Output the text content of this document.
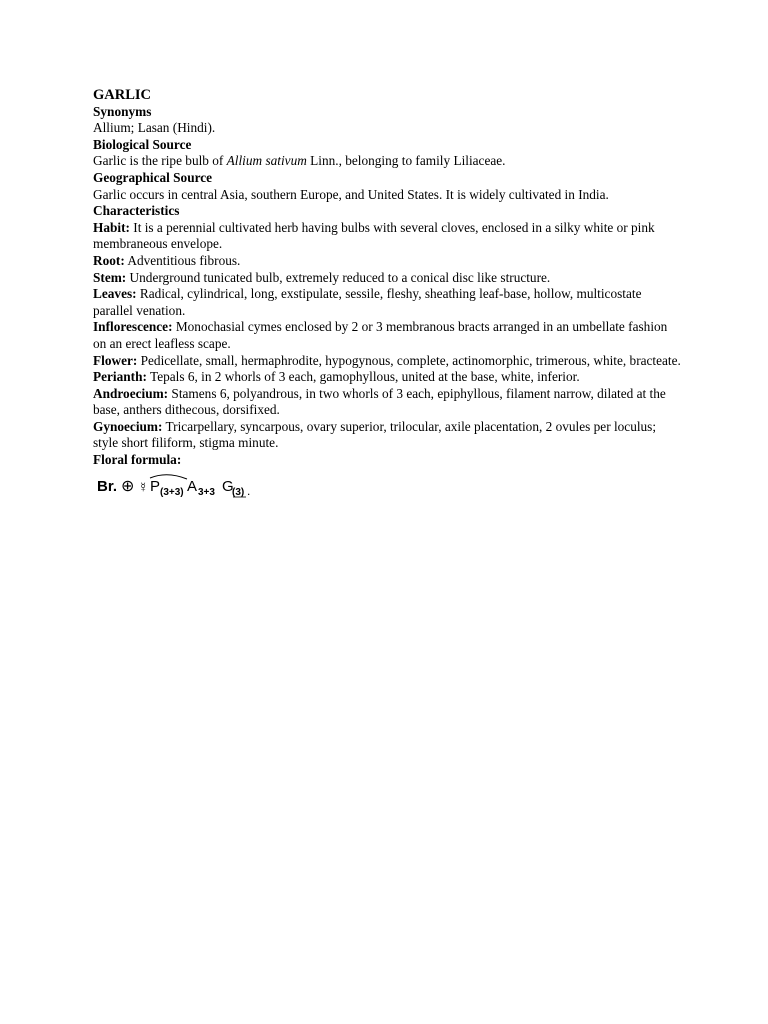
GARLIC

Synonyms

Allium; Lasan (Hindi).

Biological Source

Garlic is the ripe bulb of Allium sativum Linn., belonging to family Liliaceae.

Geographical Source

Garlic occurs in central Asia, southern Europe, and United States. It is widely cultivated in India.

Characteristics

Habit: It is a perennial cultivated herb having bulbs with several cloves, enclosed in a silky white or pink membraneous envelope.

Root: Adventitious fibrous.

Stem: Underground tunicated bulb, extremely reduced to a conical disc like structure.

Leaves: Radical, cylindrical, long, exstipulate, sessile, fleshy, sheathing leaf-base, hollow, multicostate parallel venation.

Inflorescence: Monochasial cymes enclosed by 2 or 3 membranous bracts arranged in an umbellate fashion on an erect leafless scape.

Flower: Pedicellate, small, hermaphrodite, hypogynous, complete, actinomorphic, trimerous, white, bracteate.

Perianth: Tepals 6, in 2 whorls of 3 each, gamophyllous, united at the base, white, inferior.

Androecium: Stamens 6, polyandrous, in two whorls of 3 each, epiphyllous, filament narrow, dilated at the base, anthers dithecous, dorsifixed.

Gynoecium: Tricarpellary, syncarpous, ovary superior, trilocular, axile placentation, 2 ovules per loculus; style short filiform, stigma minute.

Floral formula:

Br. ⊕ ☿ P (3+3) A 3+3 G
(3) .
